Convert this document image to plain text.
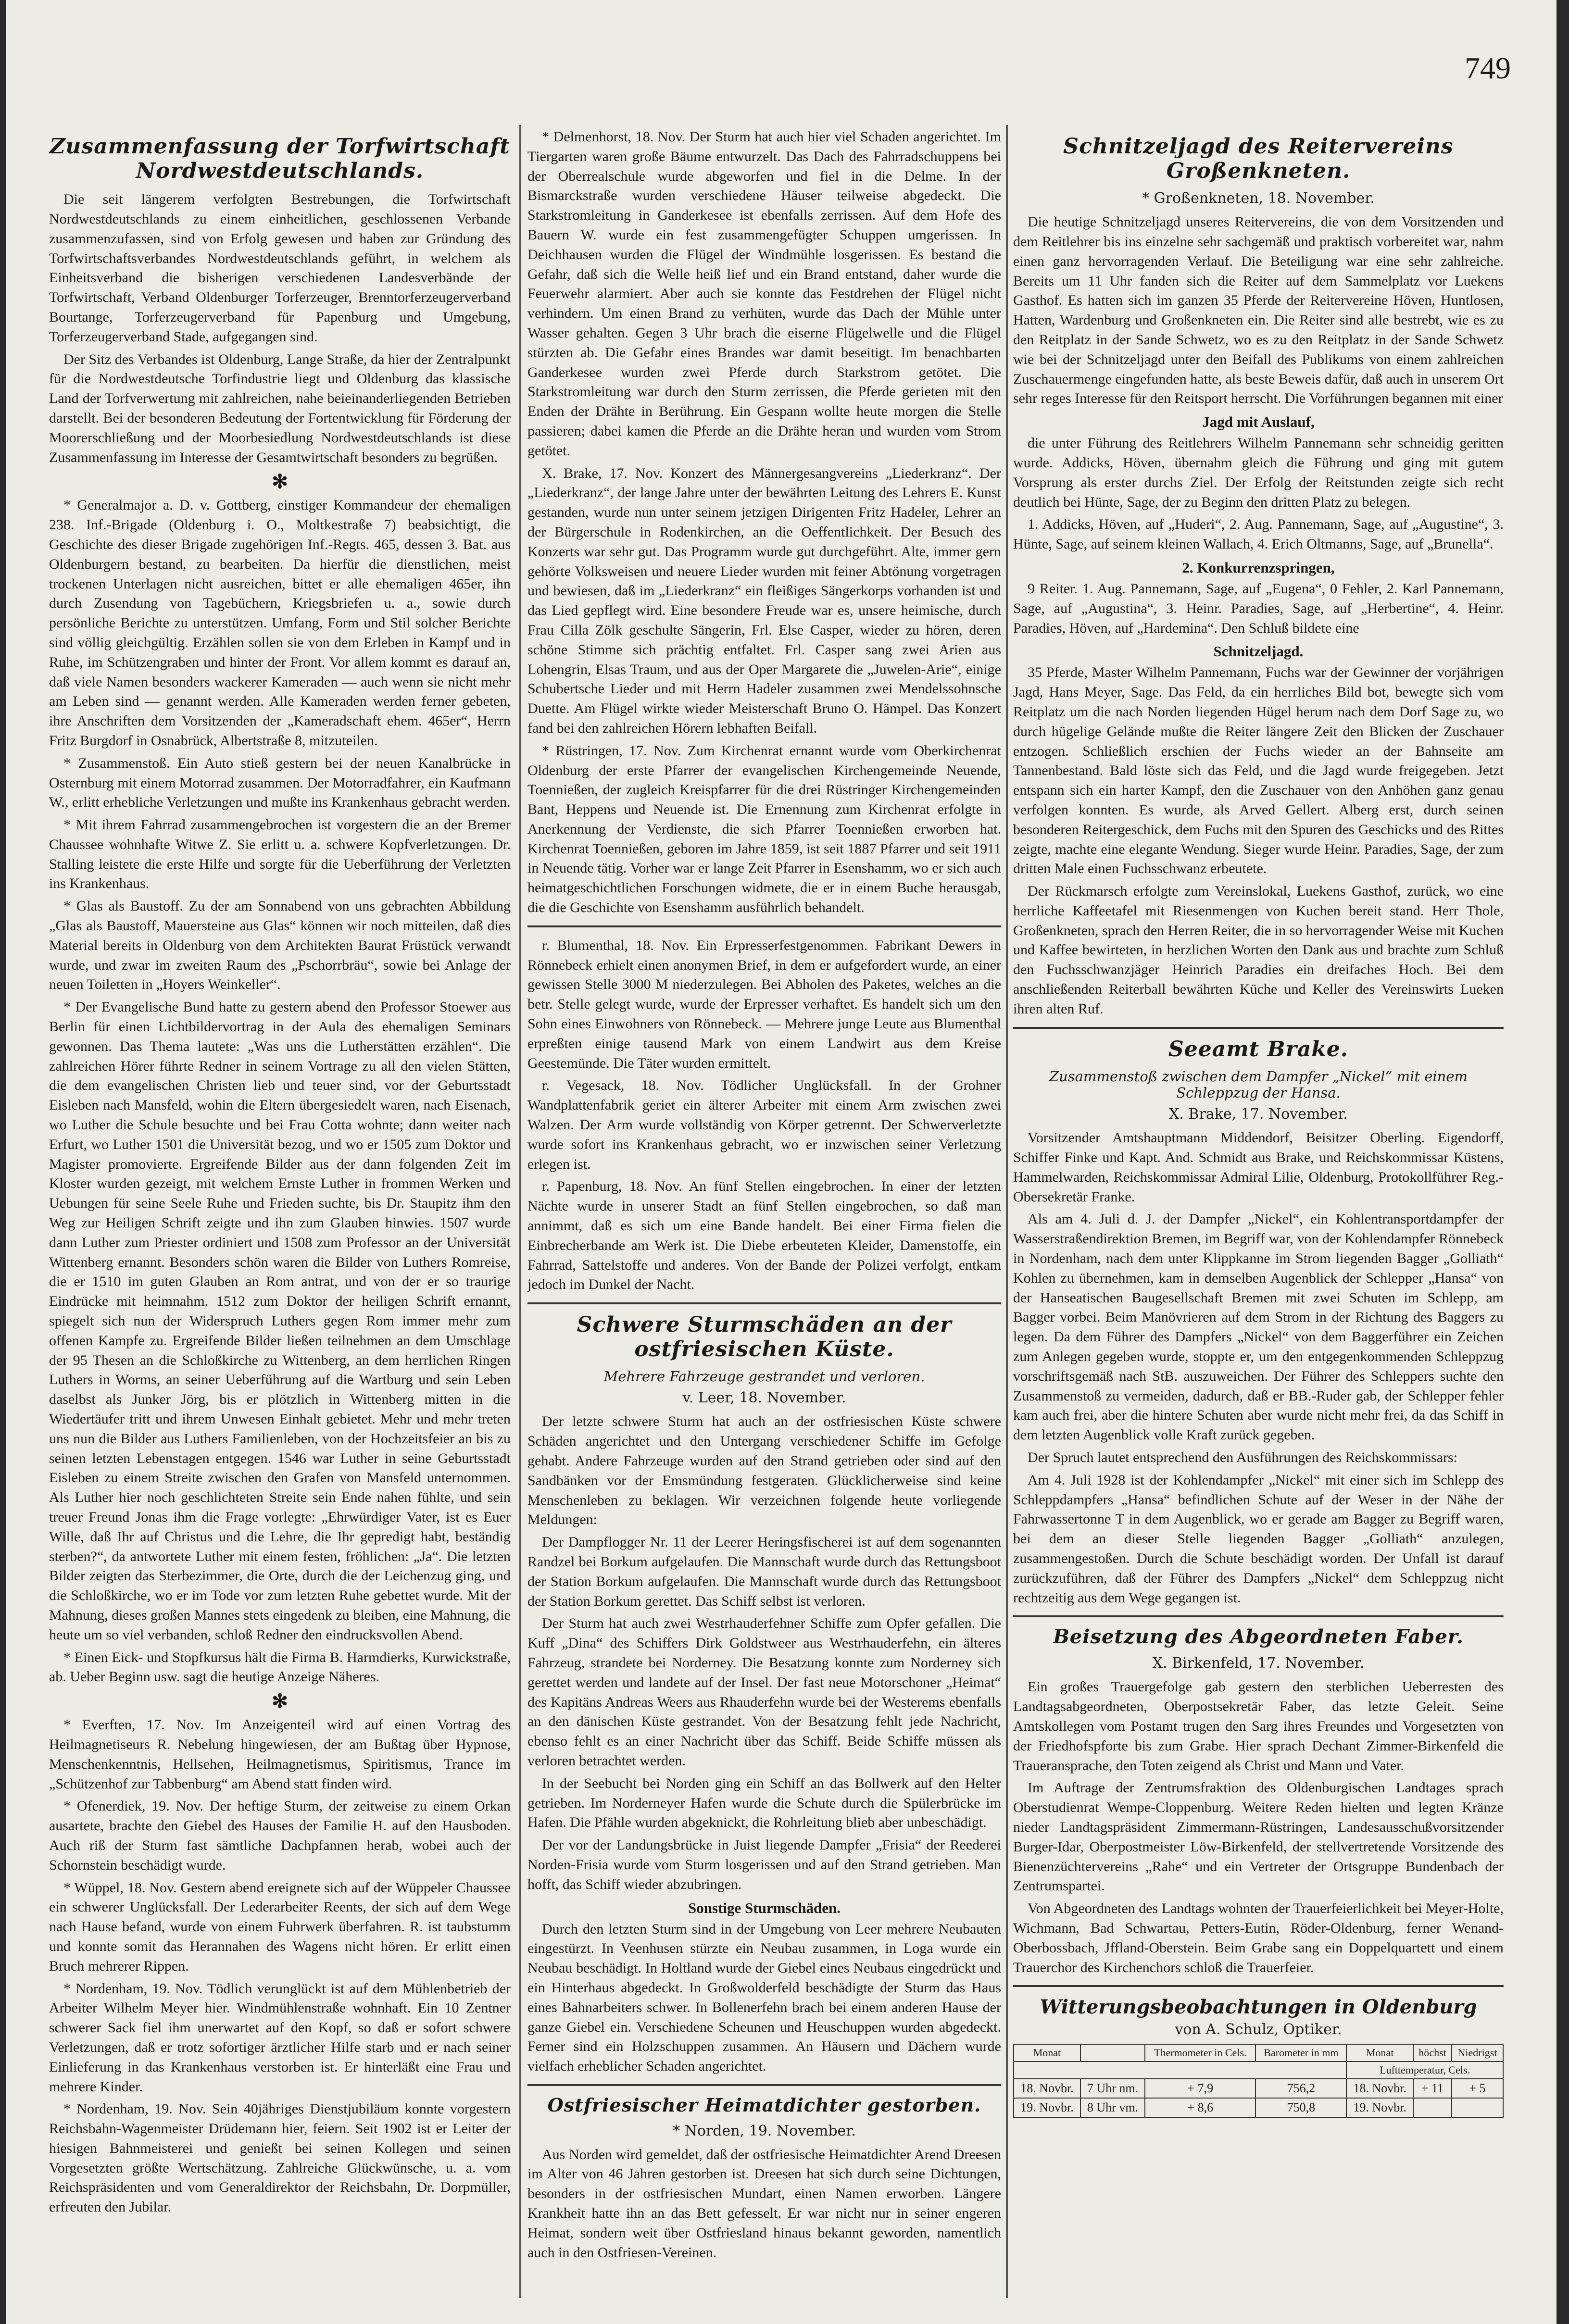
749
Zusammenfassung der Torfwirtschaft
Nordwestdeutschlands.

Die seit längerem verfolgten Bestrebungen, die Torfwirtschaft Nordwestdeutschlands zu einem einheitlichen, geschlossenen Verbande zusammenzufassen, sind von Erfolg gewesen und haben zur Gründung des Torfwirtschaftsverbandes Nordwestdeutschlands geführt, in welchem als Einheitsverband die bisherigen verschiedenen Landesverbände der Torfwirtschaft, Verband Oldenburger Torferzeuger, Brenntorferzeugerverband Bourtange, Torferzeugerverband für Papenburg und Umgebung, Torferzeugerverband Stade, aufgegangen sind.

Der Sitz des Verbandes ist Oldenburg, Lange Straße, da hier der Zentralpunkt für die Nordwestdeutsche Torfindustrie liegt und Oldenburg das klassische Land der Torfverwertung mit zahlreichen, nahe beieinanderliegenden Betrieben darstellt. Bei der besonderen Bedeutung der Fortentwicklung für Förderung der Moorerschließung und der Moorbesiedlung Nordwestdeutschlands ist diese Zusammenfassung im Interesse der Gesamtwirtschaft besonders zu begrüßen.

✻

* Generalmajor a. D. v. Gottberg, einstiger Kommandeur der ehemaligen 238. Inf.-Brigade (Oldenburg i. O., Moltkestraße 7) beabsichtigt, die Geschichte des dieser Brigade zugehörigen Inf.-Regts. 465, dessen 3. Bat. aus Oldenburgern bestand, zu bearbeiten. Da hierfür die dienstlichen, meist trockenen Unterlagen nicht ausreichen, bittet er alle ehemaligen 465er, ihn durch Zusendung von Tagebüchern, Kriegsbriefen u. a., sowie durch persönliche Berichte zu unterstützen. Umfang, Form und Stil solcher Berichte sind völlig gleichgültig. Erzählen sollen sie von dem Erleben in Kampf und in Ruhe, im Schützengraben und hinter der Front. Vor allem kommt es darauf an, daß viele Namen besonders wackerer Kameraden — auch wenn sie nicht mehr am Leben sind — genannt werden. Alle Kameraden werden ferner gebeten, ihre Anschriften dem Vorsitzenden der „Kameradschaft ehem. 465er“, Herrn Fritz Burgdorf in Osnabrück, Albertstraße 8, mitzuteilen.

* Zusammenstoß. Ein Auto stieß gestern bei der neuen Kanalbrücke in Osternburg mit einem Motorrad zusammen. Der Motorradfahrer, ein Kaufmann W., erlitt erhebliche Verletzungen und mußte ins Krankenhaus gebracht werden.

* Mit ihrem Fahrrad zusammengebrochen ist vorgestern die an der Bremer Chaussee wohnhafte Witwe Z. Sie erlitt u. a. schwere Kopfverletzungen. Dr. Stalling leistete die erste Hilfe und sorgte für die Ueberführung der Verletzten ins Krankenhaus.

* Glas als Baustoff. Zu der am Sonnabend von uns gebrachten Abbildung „Glas als Baustoff, Mauersteine aus Glas“ können wir noch mitteilen, daß dies Material bereits in Oldenburg von dem Architekten Baurat Früstück verwandt wurde, und zwar im zweiten Raum des „Pschorrbräu“, sowie bei Anlage der neuen Toiletten in „Hoyers Weinkeller“.

* Der Evangelische Bund hatte zu gestern abend den Professor Stoewer aus Berlin für einen Lichtbildervortrag in der Aula des ehemaligen Seminars gewonnen. Das Thema lautete: „Was uns die Lutherstätten erzählen“. Die zahlreichen Hörer führte Redner in seinem Vortrage zu all den vielen Stätten, die dem evangelischen Christen lieb und teuer sind, vor der Geburtsstadt Eisleben nach Mansfeld, wohin die Eltern übergesiedelt waren, nach Eisenach, wo Luther die Schule besuchte und bei Frau Cotta wohnte; dann weiter nach Erfurt, wo Luther 1501 die Universität bezog, und wo er 1505 zum Doktor und Magister promovierte. Ergreifende Bilder aus der dann folgenden Zeit im Kloster wurden gezeigt, mit welchem Ernste Luther in frommen Werken und Uebungen für seine Seele Ruhe und Frieden suchte, bis Dr. Staupitz ihm den Weg zur Heiligen Schrift zeigte und ihn zum Glauben hinwies. 1507 wurde dann Luther zum Priester ordiniert und 1508 zum Professor an der Universität Wittenberg ernannt. Besonders schön waren die Bilder von Luthers Romreise, die er 1510 im guten Glauben an Rom antrat, und von der er so traurige Eindrücke mit heimnahm. 1512 zum Doktor der heiligen Schrift ernannt, spiegelt sich nun der Widerspruch Luthers gegen Rom immer mehr zum offenen Kampfe zu. Ergreifende Bilder ließen teilnehmen an dem Umschlage der 95 Thesen an die Schloßkirche zu Wittenberg, an dem herrlichen Ringen Luthers in Worms, an seiner Ueberführung auf die Wartburg und sein Leben daselbst als Junker Jörg, bis er plötzlich in Wittenberg mitten in die Wiedertäufer tritt und ihrem Unwesen Einhalt gebietet. Mehr und mehr treten uns nun die Bilder aus Luthers Familienleben, von der Hochzeitsfeier an bis zu seinen letzten Lebenstagen entgegen. 1546 war Luther in seine Geburtsstadt Eisleben zu einem Streite zwischen den Grafen von Mansfeld unternommen. Als Luther hier noch geschlichteten Streite sein Ende nahen fühlte, und sein treuer Freund Jonas ihm die Frage vorlegte: „Ehrwürdiger Vater, ist es Euer Wille, daß Ihr auf Christus und die Lehre, die Ihr gepredigt habt, beständig sterben?“, da antwortete Luther mit einem festen, fröhlichen: „Ja“. Die letzten Bilder zeigten das Sterbezimmer, die Orte, durch die der Leichenzug ging, und die Schloßkirche, wo er im Tode vor zum letzten Ruhe gebettet wurde. Mit der Mahnung, dieses großen Mannes stets eingedenk zu bleiben, eine Mahnung, die heute um so viel verbanden, schloß Redner den eindrucksvollen Abend.

* Einen Eick- und Stopfkursus hält die Firma B. Harmdierks, Kurwickstraße, ab. Ueber Beginn usw. sagt die heutige Anzeige Näheres.

✻

* Everften, 17. Nov. Im Anzeigenteil wird auf einen Vortrag des Heilmagnetiseurs R. Nebelung hingewiesen, der am Bußtag über Hypnose, Menschenkenntnis, Hellsehen, Heilmagnetismus, Spiritismus, Trance im „Schützenhof zur Tabbenburg“ am Abend statt finden wird.

* Ofenerdiek, 19. Nov. Der heftige Sturm, der zeitweise zu einem Orkan ausartete, brachte den Giebel des Hauses der Familie H. auf den Hausboden. Auch riß der Sturm fast sämtliche Dachpfannen herab, wobei auch der Schornstein beschädigt wurde.

* Wüppel, 18. Nov. Gestern abend ereignete sich auf der Wüppeler Chaussee ein schwerer Unglücksfall. Der Lederarbeiter Reents, der sich auf dem Wege nach Hause befand, wurde von einem Fuhrwerk überfahren. R. ist taubstumm und konnte somit das Herannahen des Wagens nicht hören. Er erlitt einen Bruch mehrerer Rippen.

* Nordenham, 19. Nov. Tödlich verunglückt ist auf dem Mühlenbetrieb der Arbeiter Wilhelm Meyer hier. Windmühlenstraße wohnhaft. Ein 10 Zentner schwerer Sack fiel ihm unerwartet auf den Kopf, so daß er sofort schwere Verletzungen, daß er trotz sofortiger ärztlicher Hilfe starb und er nach seiner Einlieferung in das Krankenhaus verstorben ist. Er hinterläßt eine Frau und mehrere Kinder.

* Nordenham, 19. Nov. Sein 40jähriges Dienstjubiläum konnte vorgestern Reichsbahn-Wagenmeister Drüdemann hier, feiern. Seit 1902 ist er Leiter der hiesigen Bahnmeisterei und genießt bei seinen Kollegen und seinen Vorgesetzten größte Wertschätzung. Zahlreiche Glückwünsche, u. a. vom Reichspräsidenten und vom Generaldirektor der Reichsbahn, Dr. Dorpmüller, erfreuten den Jubilar.

* Delmenhorst, 18. Nov. Der Sturm hat auch hier viel Schaden angerichtet. Im Tiergarten waren große Bäume entwurzelt. Das Dach des Fahrradschuppens bei der Oberrealschule wurde abgeworfen und fiel in die Delme. In der Bismarckstraße wurden verschiedene Häuser teilweise abgedeckt. Die Starkstromleitung in Ganderkesee ist ebenfalls zerrissen. Auf dem Hofe des Bauern W. wurde ein fest zusammengefügter Schuppen umgerissen. In Deichhausen wurden die Flügel der Windmühle losgerissen. Es bestand die Gefahr, daß sich die Welle heiß lief und ein Brand entstand, daher wurde die Feuerwehr alarmiert. Aber auch sie konnte das Festdrehen der Flügel nicht verhindern. Um einen Brand zu verhüten, wurde das Dach der Mühle unter Wasser gehalten. Gegen 3 Uhr brach die eiserne Flügelwelle und die Flügel stürzten ab. Die Gefahr eines Brandes war damit beseitigt. Im benachbarten Ganderkesee wurden zwei Pferde durch Starkstrom getötet. Die Starkstromleitung war durch den Sturm zerrissen, die Pferde gerieten mit den Enden der Drähte in Berührung. Ein Gespann wollte heute morgen die Stelle passieren; dabei kamen die Pferde an die Drähte heran und wurden vom Strom getötet.

X. Brake, 17. Nov. Konzert des Männergesangvereins „Liederkranz“. Der „Liederkranz“, der lange Jahre unter der bewährten Leitung des Lehrers E. Kunst gestanden, wurde nun unter seinem jetzigen Dirigenten Fritz Hadeler, Lehrer an der Bürgerschule in Rodenkirchen, an die Oeffentlichkeit. Der Besuch des Konzerts war sehr gut. Das Programm wurde gut durchgeführt. Alte, immer gern gehörte Volksweisen und neuere Lieder wurden mit feiner Abtönung vorgetragen und bewiesen, daß im „Liederkranz“ ein fleißiges Sängerkorps vorhanden ist und das Lied gepflegt wird. Eine besondere Freude war es, unsere heimische, durch Frau Cilla Zölk geschulte Sängerin, Frl. Else Casper, wieder zu hören, deren schöne Stimme sich prächtig entfaltet. Frl. Casper sang zwei Arien aus Lohengrin, Elsas Traum, und aus der Oper Margarete die „Juwelen-Arie“, einige Schubertsche Lieder und mit Herrn Hadeler zusammen zwei Mendelssohnsche Duette. Am Flügel wirkte wieder Meisterschaft Bruno O. Hämpel. Das Konzert fand bei den zahlreichen Hörern lebhaften Beifall.

* Rüstringen, 17. Nov. Zum Kirchenrat ernannt wurde vom Oberkirchenrat Oldenburg der erste Pfarrer der evangelischen Kirchengemeinde Neuende, Toennießen, der zugleich Kreispfarrer für die drei Rüstringer Kirchengemeinden Bant, Heppens und Neuende ist. Die Ernennung zum Kirchenrat erfolgte in Anerkennung der Verdienste, die sich Pfarrer Toennießen erworben hat. Kirchenrat Toennießen, geboren im Jahre 1859, ist seit 1887 Pfarrer und seit 1911 in Neuende tätig. Vorher war er lange Zeit Pfarrer in Esenshamm, wo er sich auch heimatgeschichtlichen Forschungen widmete, die er in einem Buche herausgab, die die Geschichte von Esenshamm ausführlich behandelt.

r. Blumenthal, 18. Nov. Ein Erpresserfestgenommen. Fabrikant Dewers in Rönnebeck erhielt einen anonymen Brief, in dem er aufgefordert wurde, an einer gewissen Stelle 3000 M niederzulegen. Bei Abholen des Paketes, welches an die betr. Stelle gelegt wurde, wurde der Erpresser verhaftet. Es handelt sich um den Sohn eines Einwohners von Rönnebeck. — Mehrere junge Leute aus Blumenthal erpreßten einige tausend Mark von einem Landwirt aus dem Kreise Geestemünde. Die Täter wurden ermittelt.

r. Vegesack, 18. Nov. Tödlicher Unglücksfall. In der Grohner Wandplattenfabrik geriet ein älterer Arbeiter mit einem Arm zwischen zwei Walzen. Der Arm wurde vollständig von Körper getrennt. Der Schwerverletzte wurde sofort ins Krankenhaus gebracht, wo er inzwischen seiner Verletzung erlegen ist.

r. Papenburg, 18. Nov. An fünf Stellen eingebrochen. In einer der letzten Nächte wurde in unserer Stadt an fünf Stellen eingebrochen, so daß man annimmt, daß es sich um eine Bande handelt. Bei einer Firma fielen die Einbrecherbande am Werk ist. Die Diebe erbeuteten Kleider, Damenstoffe, ein Fahrrad, Sattelstoffe und anderes. Von der Bande der Polizei verfolgt, entkam jedoch im Dunkel der Nacht.

Schwere Sturmschäden an der
ostfriesischen Küste.
Mehrere Fahrzeuge gestrandet und verloren.
v. Leer, 18. November.

Der letzte schwere Sturm hat auch an der ostfriesischen Küste schwere Schäden angerichtet und den Untergang verschiedener Schiffe im Gefolge gehabt. Andere Fahrzeuge wurden auf den Strand getrieben oder sind auf den Sandbänken vor der Emsmündung festgeraten. Glücklicherweise sind keine Menschenleben zu beklagen. Wir verzeichnen folgende heute vorliegende Meldungen:

Der Dampflogger Nr. 11 der Leerer Heringsfischerei ist auf dem sogenannten Randzel bei Borkum aufgelaufen. Die Mannschaft wurde durch das Rettungsboot der Station Borkum aufgelaufen. Die Mannschaft wurde durch das Rettungsboot der Station Borkum gerettet. Das Schiff selbst ist verloren.

Der Sturm hat auch zwei Westrhauderfehner Schiffe zum Opfer gefallen. Die Kuff „Dina“ des Schiffers Dirk Goldstweer aus Westrhauderfehn, ein älteres Fahrzeug, strandete bei Norderney. Die Besatzung konnte zum Norderney sich gerettet werden und landete auf der Insel. Der fast neue Motorschoner „Heimat“ des Kapitäns Andreas Weers aus Rhauderfehn wurde bei der Westerems ebenfalls an den dänischen Küste gestrandet. Von der Besatzung fehlt jede Nachricht, ebenso fehlt es an einer Nachricht über das Schiff. Beide Schiffe müssen als verloren betrachtet werden.

In der Seebucht bei Norden ging ein Schiff an das Bollwerk auf den Helter getrieben. Im Norderneyer Hafen wurde die Schute durch die Spülerbrücke im Hafen. Die Pfähle wurden abgeknickt, die Rohrleitung blieb aber unbeschädigt.

Der vor der Landungsbrücke in Juist liegende Dampfer „Frisia“ der Reederei Norden-Frisia wurde vom Sturm losgerissen und auf den Strand getrieben. Man hofft, das Schiff wieder abzubringen.

Sonstige Sturmschäden.

Durch den letzten Sturm sind in der Umgebung von Leer mehrere Neubauten eingestürzt. In Veenhusen stürzte ein Neubau zusammen, in Loga wurde ein Neubau beschädigt. In Holtland wurde der Giebel eines Neubaus eingedrückt und ein Hinterhaus abgedeckt. In Großwolderfeld beschädigte der Sturm das Haus eines Bahnarbeiters schwer. In Bollenerfehn brach bei einem anderen Hause der ganze Giebel ein. Verschiedene Scheunen und Heuschuppen wurden abgedeckt. Ferner sind ein Holzschuppen zusammen. An Häusern und Dächern wurde vielfach erheblicher Schaden angerichtet.

Ostfriesischer Heimatdichter gestorben.
* Norden, 19. November.

Aus Norden wird gemeldet, daß der ostfriesische Heimatdichter Arend Dreesen im Alter von 46 Jahren gestorben ist. Dreesen hat sich durch seine Dichtungen, besonders in der ostfriesischen Mundart, einen Namen erworben. Längere Krankheit hatte ihn an das Bett gefesselt. Er war nicht nur in seiner engeren Heimat, sondern weit über Ostfriesland hinaus bekannt geworden, namentlich auch in den Ostfriesen-Vereinen.

Schnitzeljagd des Reitervereins
Großenkneten.
* Großenkneten, 18. November.

Die heutige Schnitzeljagd unseres Reitervereins, die von dem Vorsitzenden und dem Reitlehrer bis ins einzelne sehr sachgemäß und praktisch vorbereitet war, nahm einen ganz hervorragenden Verlauf. Die Beteiligung war eine sehr zahlreiche. Bereits um 11 Uhr fanden sich die Reiter auf dem Sammelplatz vor Luekens Gasthof. Es hatten sich im ganzen 35 Pferde der Reitervereine Höven, Huntlosen, Hatten, Wardenburg und Großenkneten ein. Die Reiter sind alle bestrebt, wie es zu den Reitplatz in der Sande Schwetz, wo es zu den Reitplatz in der Sande Schwetz wie bei der Schnitzeljagd unter den Beifall des Publikums von einem zahlreichen Zuschauermenge eingefunden hatte, als beste Beweis dafür, daß auch in unserem Ort sehr reges Interesse für den Reitsport herrscht. Die Vorführungen begannen mit einer

Jagd mit Auslauf,

die unter Führung des Reitlehrers Wilhelm Pannemann sehr schneidig geritten wurde. Addicks, Höven, übernahm gleich die Führung und ging mit gutem Vorsprung als erster durchs Ziel. Der Erfolg der Reitstunden zeigte sich recht deutlich bei Hünte, Sage, der zu Beginn den dritten Platz zu belegen.

1. Addicks, Höven, auf „Huderi“, 2. Aug. Pannemann, Sage, auf „Augustine“, 3. Hünte, Sage, auf seinem kleinen Wallach, 4. Erich Oltmanns, Sage, auf „Brunella“.

2. Konkurrenzspringen,

9 Reiter. 1. Aug. Pannemann, Sage, auf „Eugena“, 0 Fehler, 2. Karl Pannemann, Sage, auf „Augustina“, 3. Heinr. Paradies, Sage, auf „Herbertine“, 4. Heinr. Paradies, Höven, auf „Hardemina“. Den Schluß bildete eine

Schnitzeljagd.

35 Pferde, Master Wilhelm Pannemann, Fuchs war der Gewinner der vorjährigen Jagd, Hans Meyer, Sage. Das Feld, da ein herrliches Bild bot, bewegte sich vom Reitplatz um die nach Norden liegenden Hügel herum nach dem Dorf Sage zu, wo durch hügelige Gelände mußte die Reiter längere Zeit den Blicken der Zuschauer entzogen. Schließlich erschien der Fuchs wieder an der Bahnseite am Tannenbestand. Bald löste sich das Feld, und die Jagd wurde freigegeben. Jetzt entspann sich ein harter Kampf, den die Zuschauer von den Anhöhen ganz genau verfolgen konnten. Es wurde, als Arved Gellert. Alberg erst, durch seinen besonderen Reitergeschick, dem Fuchs mit den Spuren des Geschicks und des Rittes zeigte, machte eine elegante Wendung. Sieger wurde Heinr. Paradies, Sage, der zum dritten Male einen Fuchsschwanz erbeutete.

Der Rückmarsch erfolgte zum Vereinslokal, Luekens Gasthof, zurück, wo eine herrliche Kaffeetafel mit Riesenmengen von Kuchen bereit stand. Herr Thole, Großenkneten, sprach den Herren Reiter, die in so hervorragender Weise mit Kuchen und Kaffee bewirteten, in herzlichen Worten den Dank aus und brachte zum Schluß den Fuchsschwanzjäger Heinrich Paradies ein dreifaches Hoch. Bei dem anschließenden Reiterball bewährten Küche und Keller des Vereinswirts Lueken ihren alten Ruf.

Seeamt Brake.
Zusammenstoß zwischen dem Dampfer „Nickel“ mit einem Schleppzug der Hansa.
X. Brake, 17. November.

Vorsitzender Amtshauptmann Middendorf, Beisitzer Oberling. Eigendorff, Schiffer Finke und Kapt. And. Schmidt aus Brake, und Reichskommissar Küstens, Hammelwarden, Reichskommissar Admiral Lilie, Oldenburg, Protokollführer Reg.-Obersekretär Franke.

Als am 4. Juli d. J. der Dampfer „Nickel“, ein Kohlentransportdampfer der Wasserstraßendirektion Bremen, im Begriff war, von der Kohlendampfer Rönnebeck in Nordenham, nach dem unter Klippkanne im Strom liegenden Bagger „Golliath“ Kohlen zu übernehmen, kam in demselben Augenblick der Schlepper „Hansa“ von der Hanseatischen Baugesellschaft Bremen mit zwei Schuten im Schlepp, am Bagger vorbei. Beim Manövrieren auf dem Strom in der Richtung des Baggers zu legen. Da dem Führer des Dampfers „Nickel“ von dem Baggerführer ein Zeichen zum Anlegen gegeben wurde, stoppte er, um den entgegenkommenden Schleppzug vorschriftsgemäß nach StB. auszuweichen. Der Führer des Schleppers suchte den Zusammenstoß zu vermeiden, dadurch, daß er BB.-Ruder gab, der Schlepper fehler kam auch frei, aber die hintere Schuten aber wurde nicht mehr frei, da das Schiff in dem letzten Augenblick volle Kraft zurück gegeben.

Der Spruch lautet entsprechend den Ausführungen des Reichskommissars:

Am 4. Juli 1928 ist der Kohlendampfer „Nickel“ mit einer sich im Schlepp des Schleppdampfers „Hansa“ befindlichen Schute auf der Weser in der Nähe der Fahrwassertonne T in dem Augenblick, wo er gerade am Bagger zu Begriff waren, bei dem an dieser Stelle liegenden Bagger „Golliath“ anzulegen, zusammengestoßen. Durch die Schute beschädigt worden. Der Unfall ist darauf zurückzuführen, daß der Führer des Dampfers „Nickel“ dem Schleppzug nicht rechtzeitig aus dem Wege gegangen ist.

Beisetzung des Abgeordneten Faber.
X. Birkenfeld, 17. November.

Ein großes Trauergefolge gab gestern den sterblichen Ueberresten des Landtagsabgeordneten, Oberpostsekretär Faber, das letzte Geleit. Seine Amtskollegen vom Postamt trugen den Sarg ihres Freundes und Vorgesetzten von der Friedhofspforte bis zum Grabe. Hier sprach Dechant Zimmer-Birkenfeld die Traueransprache, den Toten zeigend als Christ und Mann und Vater.

Im Auftrage der Zentrumsfraktion des Oldenburgischen Landtages sprach Oberstudienrat Wempe-Cloppenburg. Weitere Reden hielten und legten Kränze nieder Landtagspräsident Zimmermann-Rüstringen, Landesausschußvorsitzender Burger-Idar, Oberpostmeister Löw-Birkenfeld, der stellvertretende Vorsitzende des Bienenzüchtervereins „Rahe“ und ein Vertreter der Ortsgruppe Bundenbach der Zentrumspartei.

Von Abgeordneten des Landtags wohnten der Trauerfeierlichkeit bei Meyer-Holte, Wichmann, Bad Schwartau, Petters-Eutin, Röder-Oldenburg, ferner Wenand-Oberbossbach, Jffland-Oberstein. Beim Grabe sang ein Doppelquartett und einem Trauerchor des Kirchenchors schloß die Trauerfeier.

Witterungsbeobachtungen in Oldenburg
von A. Schulz, Optiker.
Monat		Thermometer in Cels.	Barometer in mm	Monat	höchst	Niedrigst
				Lufttemperatur, Cels.		
18. Novbr.	7 Uhr nm.	+ 7,9	756,2	18. Novbr.	+ 11	+ 5
19. Novbr.	8 Uhr vm.	+ 8,6	750,8	19. Novbr.		
